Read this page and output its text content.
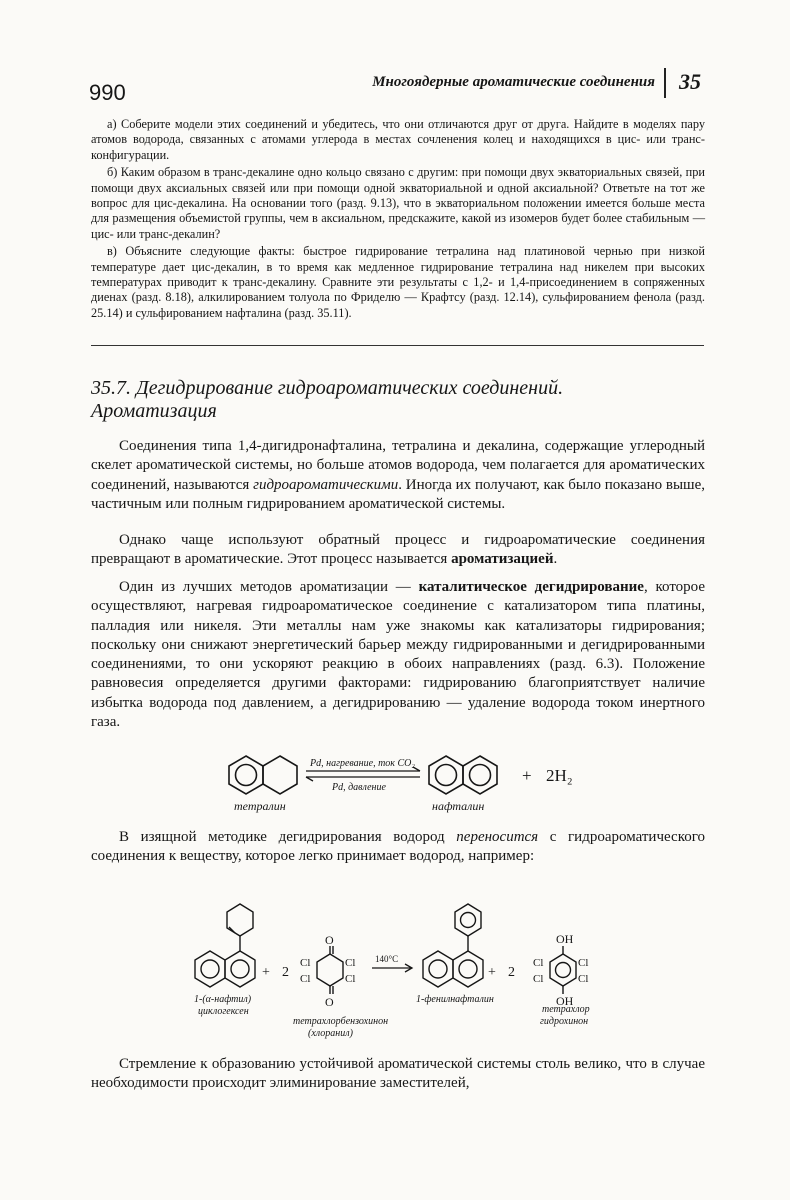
990	Многоядерные ароматические соединения 35

а) Соберите модели этих соединений и убедитесь, что они отличаются друг от друга. Найдите в моделях пару атомов водорода, связанных с атомами углерода в местах сочленения колец и находящихся в цис- или транс-конфигурации.

б) Каким образом в транс-декалине одно кольцо связано с другим: при помощи двух экваториальных связей, при помощи двух аксиальных связей или при помощи одной экваториальной и одной аксиальной? Ответьте на тот же вопрос для цис-декалина. На основании того (разд. 9.13), что в экваториальном положении имеется больше места для размещения объемистой группы, чем в аксиальном, предскажите, какой из изомеров будет более стабильным — цис- или транс-декалин?

в) Объясните следующие факты: быстрое гидрирование тетралина над платиновой чернью при низкой температуре дает цис-декалин, в то время как медленное гидрирование тетралина над никелем при высоких температурах приводит к транс-декалину. Сравните эти результаты с 1,2- и 1,4-присоединением в сопряженных диенах (разд. 8.18), алкилированием толуола по Фриделю — Крафтсу (разд. 12.14), сульфированием фенола (разд. 25.14) и сульфированием нафталина (разд. 35.11).

35.7. Дегидрирование гидроароматических соединений.
Ароматизация

Соединения типа 1,4-дигидронафталина, тетралина и декалина, содержащие углеродный скелет ароматической системы, но больше атомов водорода, чем полагается для ароматических соединений, называются гидроароматическими. Иногда их получают, как было показано выше, частичным или полным гидрированием ароматической системы.

Однако чаще используют обратный процесс и гидроароматические соединения превращают в ароматические. Этот процесс называется ароматизацией.

Один из лучших методов ароматизации — каталитическое дегидрирование, которое осуществляют, нагревая гидроароматическое соединение с катализатором типа платины, палладия или никеля. Эти металлы нам уже знакомы как катализаторы гидрирования; поскольку они снижают энергетический барьер между гидрированными и дегидрированными соединениями, то они ускоряют реакцию в обоих направлениях (разд. 6.3). Положение равновесия определяется другими факторами: гидрированию благоприятствует наличие избытка водорода под давлением, а дегидрированию — удаление водорода током инертного газа.

тетралин
Pd, нагревание, ток CO₂
Pd, давление
нафталин
+ 2H₂

В изящной методике дегидрирования водород переносится с гидроароматического соединения к веществу, которое легко принимает водород, например:

+ 2
O
O
Cl
Cl
Cl
Cl
140°C
+ 2
OH
OH
Cl
Cl
Cl
Cl
1-(α-нафтил)
циклогексен
тетрахлорбензохинон
(хлоранил)
1-фенилнафталин
тетрахлор
гидрохинон

Стремление к образованию устойчивой ароматической системы столь велико, что в случае необходимости происходит элиминирование заместителей,
